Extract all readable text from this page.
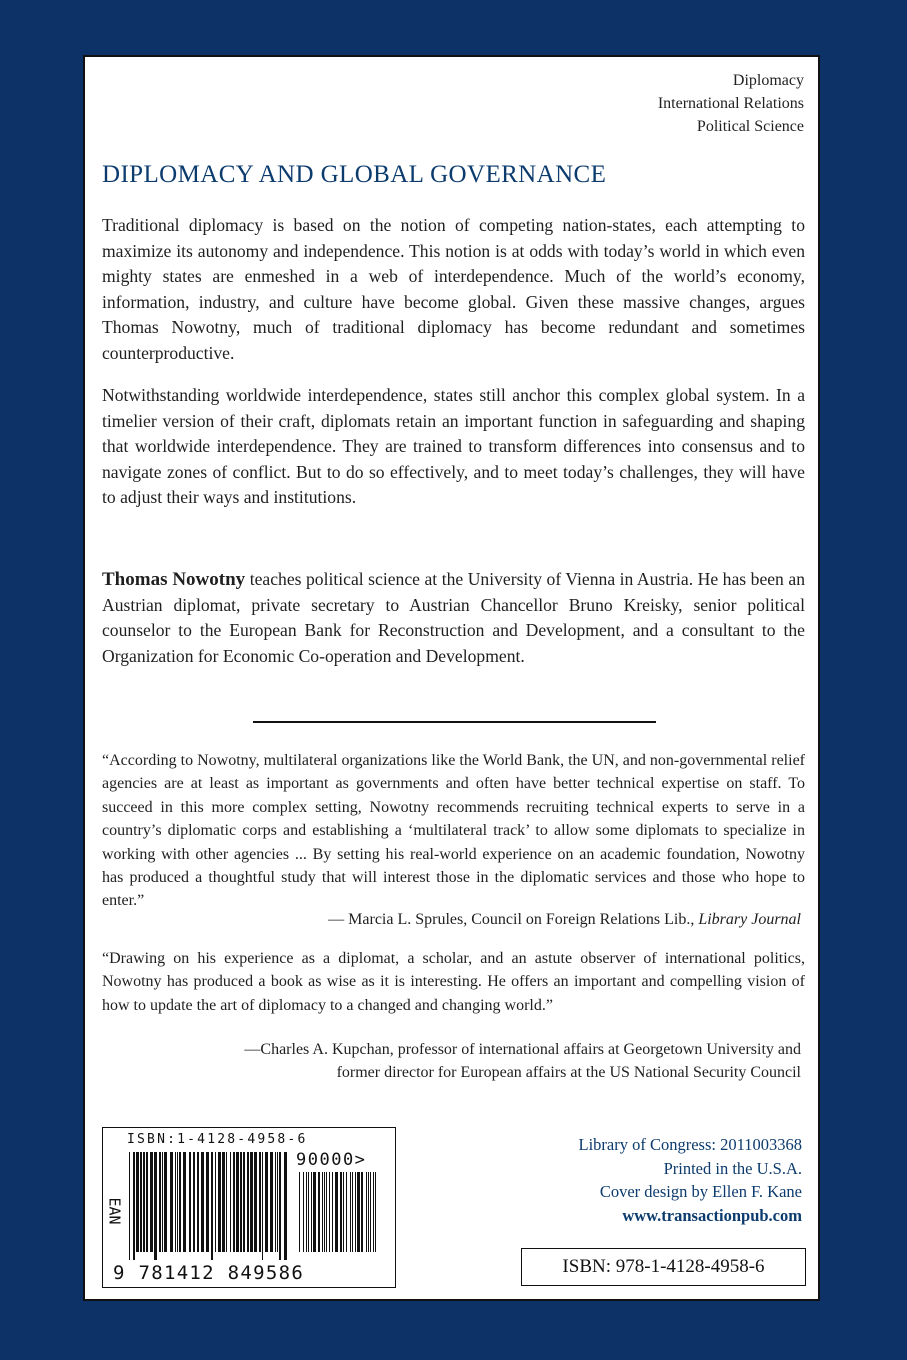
Diplomacy
International Relations
Political Science
DIPLOMACY AND GLOBAL GOVERNANCE

Traditional diplomacy is based on the notion of competing nation-states, each attempting to maximize its autonomy and independence. This notion is at odds with today’s world in which even mighty states are enmeshed in a web of interdependence. Much of the world’s economy, information, industry, and culture have become global. Given these massive changes, argues Thomas Nowotny, much of traditional diplomacy has become redundant and sometimes counterproductive.

Notwithstanding worldwide interdependence, states still anchor this complex global system. In a timelier version of their craft, diplomats retain an important function in safeguarding and shaping that worldwide interdependence. They are trained to transform differences into consensus and to navigate zones of conflict. But to do so effectively, and to meet today’s challenges, they will have to adjust their ways and institutions.

Thomas Nowotny teaches political science at the University of Vienna in Austria. He has been an Austrian diplomat, private secretary to Austrian Chancellor Bruno Kreisky, senior political counselor to the European Bank for Reconstruction and Development, and a consultant to the Organization for Economic Co-operation and Development.

“According to Nowotny, multilateral organizations like the World Bank, the UN, and non-governmental relief agencies are at least as important as governments and often have better technical expertise on staff. To succeed in this more complex setting, Nowotny recommends recruiting technical experts to serve in a country’s diplomatic corps and establishing a ‘multilateral track’ to allow some diplomats to specialize in working with other agencies ... By setting his real-world experience on an academic foundation, Nowotny has produced a thoughtful study that will interest those in the diplomatic services and those who hope to enter.”

— Marcia L. Sprules, Council on Foreign Relations Lib., Library Journal

“Drawing on his experience as a diplomat, a scholar, and an astute observer of international politics, Nowotny has produced a book as wise as it is interesting. He offers an important and compelling vision of how to update the art of diplomacy to a changed and changing world.”

—Charles A. Kupchan, professor of international affairs at Georgetown University and
former director for European affairs at the US National Security Council
ISBN:1-4128-4958-6
EAN
90000>
9 781412 849586
Library of Congress: 2011003368
Printed in the U.S.A.
Cover design by Ellen F. Kane
www.transactionpub.com
ISBN: 978-1-4128-4958-6
